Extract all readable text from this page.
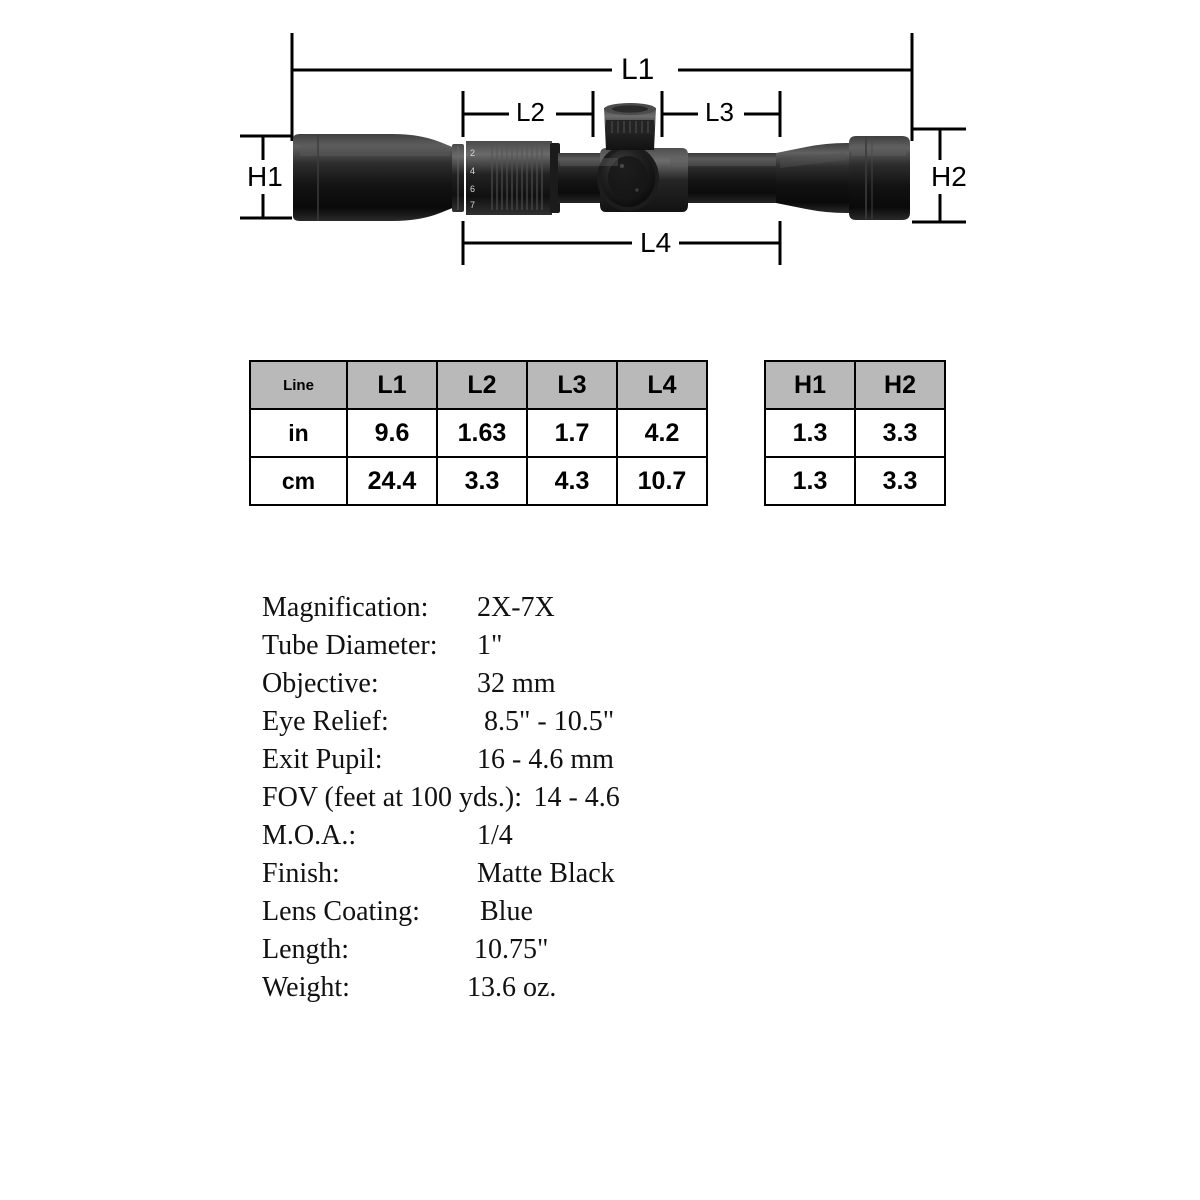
2
4
6
7
L1
L2	L3
L4
H1	H2
Line	L1	L2	L3	L4
in	9.6	1.63	1.7	4.2
cm	24.4	3.3	4.3	10.7
H1	H2
1.3	3.3
1.3	3.3
Magnification: 2X-7X
Tube Diameter: 1"
Objective:	32 mm
Eye Relief:	8.5" - 10.5"
Exit Pupil:	16 - 4.6 mm
FOV (feet at 100 yds.): 14 - 4.6
M.O.A.:	1/4
Finish:	Matte Black
Lens Coating: Blue
Length:	10.75"
Weight:	13.6 oz.
